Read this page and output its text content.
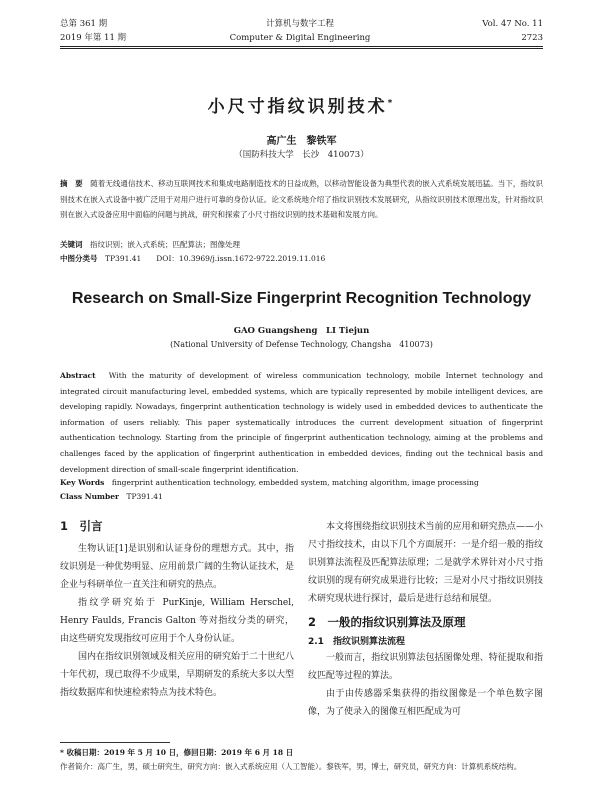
总第 361 期
2019 年第 11 期
计算机与数字工程
Computer & Digital Engineering
Vol. 47 No. 11
2723
小尺寸指纹识别技术*
高广生　黎铁军
（国防科技大学　长沙　410073）
摘　要　 随着无线通信技术、移动互联网技术和集成电路制造技术的日益成熟，以移动智能设备为典型代表的嵌入式系统发展迅猛。当下，指纹识别技术在嵌入式设备中被广泛用于对用户进行可靠的身份认证。论文系统地介绍了指纹识别技术发展研究，从指纹识别技术原理出发，针对指纹识别在嵌入式设备应用中面临的问题与挑战，研究和探索了小尺寸指纹识别的技术基础和发展方向。
关键词　 指纹识别；嵌入式系统；匹配算法；图像处理
中图分类号　 TP391.41　　 DOI：10.3969/j.issn.1672-9722.2019.11.016
Research on Small-Size Fingerprint Recognition Technology
GAO Guangsheng　LI Tiejun
(National University of Defense Technology, Changsha　410073)
Abstract　 With the maturity of development of wireless communication technology, mobile Internet technology and integrated circuit manufacturing level, embedded systems, which are typically represented by mobile intelligent devices, are developing rapidly. Nowadays, fingerprint authentication technology is widely used in embedded devices to authenticate the information of users reliably. This paper systematically introduces the current development situation of fingerprint authentication technology. Starting from the principle of fingerprint authentication technology, aiming at the problems and challenges faced by the application of fingerprint authentication in embedded devices, finding out the technical basis and development direction of small-scale fingerprint identification.
Key Words　 fingerprint authentication technology, embedded system, matching algorithm, image processing
Class Number　 TP391.41
1　 引言

生物认证[1]是识别和认证身份的理想方式。其中，指纹识别是一种优势明显、应用前景广阔的生物认证技术，是企业与科研单位一直关注和研究的热点。

指纹学研究始于 PurKinje, William Herschel, Henry Faulds, Francis Galton 等对指纹分类的研究，由这些研究发现指纹可应用于个人身份认证。

国内在指纹识别领域及相关应用的研究始于二十世纪八十年代初，现已取得不少成果，早期研发的系统大多以大型指纹数据库和快速检索特点为技术特色。

本文将围绕指纹识别技术当前的应用和研究热点——小尺寸指纹技术，由以下几个方面展开：一是介绍一般的指纹识别算法流程及匹配算法原理；二是就学术界针对小尺寸指纹识别的现有研究成果进行比较；三是对小尺寸指纹识别技术研究现状进行探讨，最后是进行总结和展望。

2　 一般的指纹识别算法及原理
2.1　 指纹识别算法流程

一般而言，指纹识别算法包括图像处理、特征提取和指纹匹配等过程的算法。

由于由传感器采集获得的指纹图像是一个单色数字图像，为了使录入的图像互相匹配成为可

* 收稿日期：2019 年 5 月 10 日，修回日期：2019 年 6 月 18 日
作者简介：高广生，男，硕士研究生，研究方向：嵌入式系统应用（人工智能）。黎铁军，男，博士，研究员，研究方向：计算机系统结构。
